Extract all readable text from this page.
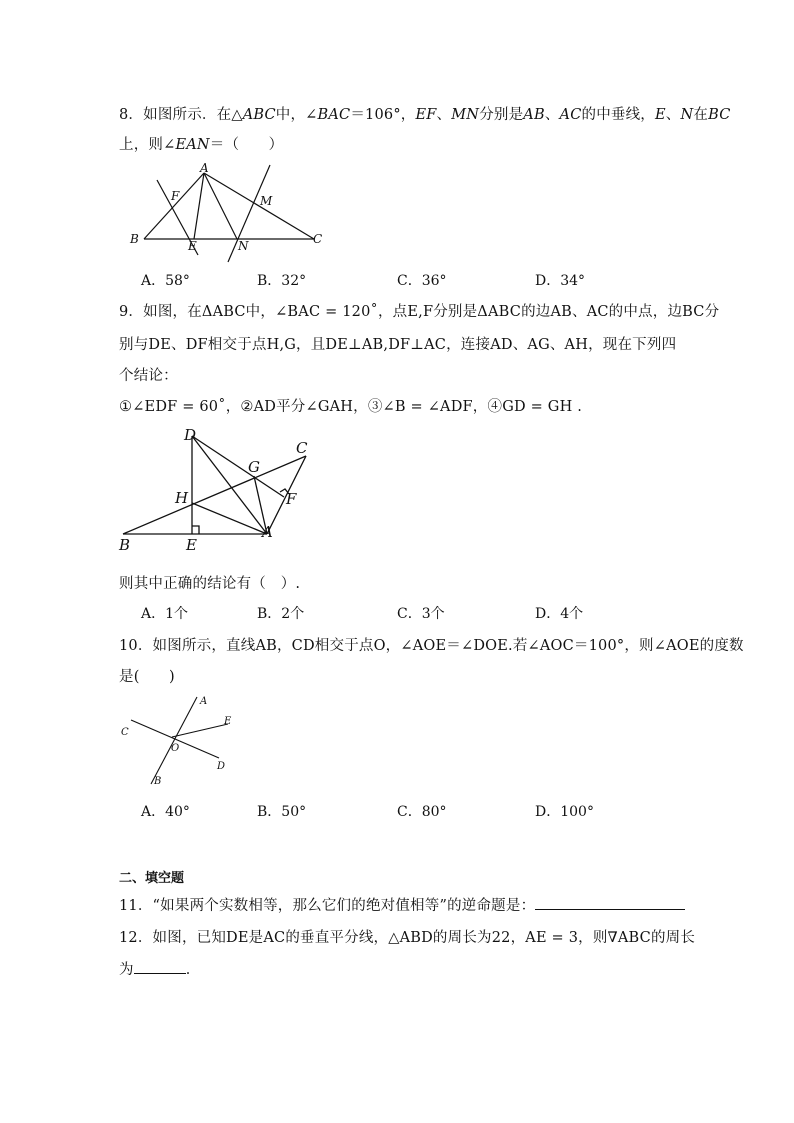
8．如图所示．在△ABC中，∠BAC＝106°，EF、MN分别是AB、AC的中垂线，E、N在BC
上，则∠EAN＝（　　）
A
B	C
E
F	M
N
A．58°	B．32°	C．36°	D．34°
9．如图，在ΔABC中，∠BAC = 120˚，点E,F分别是ΔABC的边AB、AC的中点，边BC分
别与DE、DF相交于点H,G，且DE⊥AB,DF⊥AC，连接AD、AG、AH，现在下列四
个结论：
①∠EDF = 60˚，②AD平分∠GAH，③∠B = ∠ADF，④GD = GH .
D
C
G
H	F
B	E
A
则其中正确的结论有（　）.
A．1个	B．2个	C．3个	D．4个
10．如图所示，直线AB，CD相交于点O，∠AOE＝∠DOE.若∠AOC＝100°，则∠AOE的度数
是(　　)
A
C
E
O
D
B
A．40°	B．50°	C．80°	D．100°
二、填空题
11．“如果两个实数相等，那么它们的绝对值相等”的逆命题是：
12．如图，已知DE是AC的垂直平分线，△ABD的周长为22，AE = 3，则∇ABC的周长
为	．
